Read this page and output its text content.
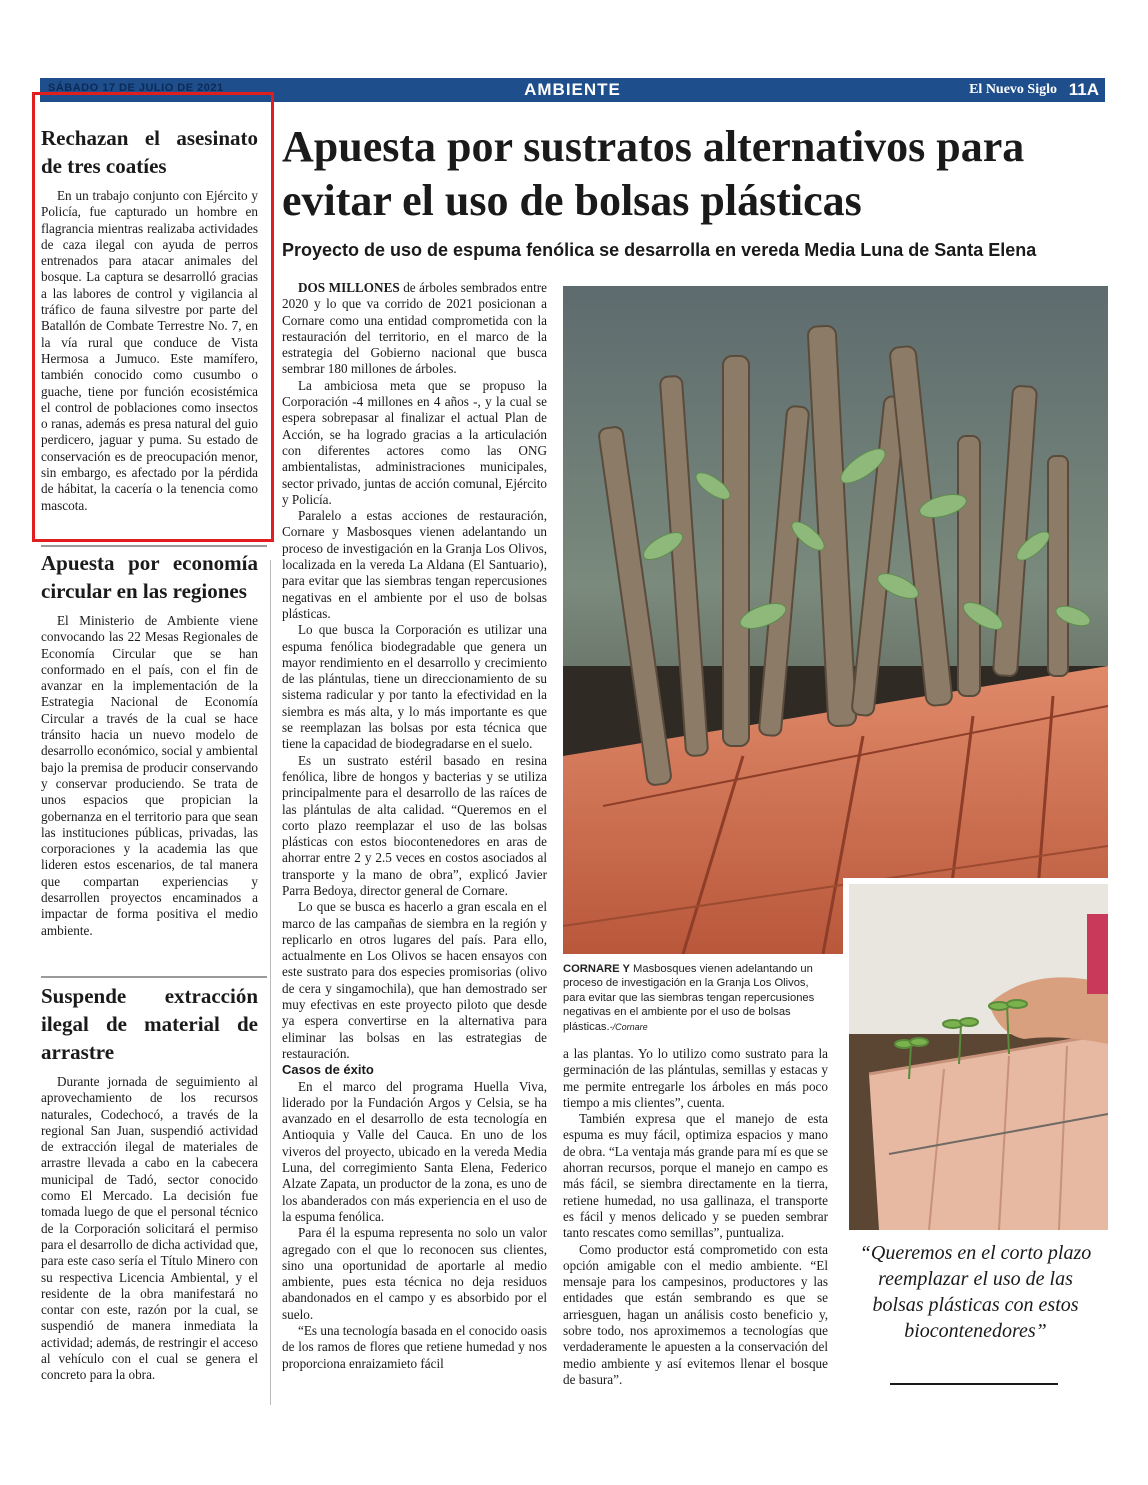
SÁBADO 17 DE JULIO DE 2021	AMBIENTE	El Nuevo Siglo 11A
Rechazan el asesinato de tres coatíes

En un trabajo conjunto con Ejército y Policía, fue capturado un hombre en flagrancia mientras realizaba actividades de caza ilegal con ayuda de perros entrenados para atacar animales del bosque. La captura se desarrolló gracias a las labores de control y vigilancia al tráfico de fauna silvestre por parte del Batallón de Combate Terrestre No. 7, en la vía rural que conduce de Vista Hermosa a Jumuco. Este mamífero, también conocido como cusumbo o guache, tiene por función ecosistémica el control de poblaciones como insectos o ranas, además es presa natural del guio perdicero, jaguar y puma. Su estado de conservación es de preocupación menor, sin embargo, es afectado por la pérdida de hábitat, la cacería o la tenencia como mascota.

Apuesta por economía circular en las regiones

El Ministerio de Ambiente viene convocando las 22 Mesas Regionales de Economía Circular que se han conformado en el país, con el fin de avanzar en la implementación de la Estrategia Nacional de Economía Circular a través de la cual se hace tránsito hacia un nuevo modelo de desarrollo económico, social y ambiental bajo la premisa de producir conservando y conservar produciendo. Se trata de unos espacios que propician la gobernanza en el territorio para que sean las instituciones públicas, privadas, las corporaciones y la academia las que lideren estos escenarios, de tal manera que compartan experiencias y desarrollen proyectos encaminados a impactar de forma positiva el medio ambiente.

Suspende extracción ilegal de material de arrastre

Durante jornada de seguimiento al aprovechamiento de los recursos naturales, Codechocó, a través de la regional San Juan, suspendió actividad de extracción ilegal de materiales de arrastre llevada a cabo en la cabecera municipal de Tadó, sector conocido como El Mercado. La decisión fue tomada luego de que el personal técnico de la Corporación solicitará el permiso para el desarrollo de dicha actividad que, para este caso sería el Título Minero con su respectiva Licencia Ambiental, y el residente de la obra manifestará no contar con este, razón por la cual, se suspendió de manera inmediata la actividad; además, de restringir el acceso al vehículo con el cual se genera el concreto para la obra.

Apuesta por sustratos alternativos para evitar el uso de bolsas plásticas
Proyecto de uso de espuma fenólica se desarrolla en vereda Media Luna de Santa Elena

DOS MILLONES de árboles sembrados entre 2020 y lo que va corrido de 2021 posicionan a Cornare como una entidad comprometida con la restauración del territorio, en el marco de la estrategia del Gobierno nacional que busca sembrar 180 millones de árboles.

La ambiciosa meta que se propuso la Corporación -4 millones en 4 años -, y la cual se espera sobrepasar al finalizar el actual Plan de Acción, se ha logrado gracias a la articulación con diferentes actores como las ONG ambientalistas, administraciones municipales, sector privado, juntas de acción comunal, Ejército y Policía.

Paralelo a estas acciones de restauración, Cornare y Masbosques vienen adelantando un proceso de investigación en la Granja Los Olivos, localizada en la vereda La Aldana (El Santuario), para evitar que las siembras tengan repercusiones negativas en el ambiente por el uso de bolsas plásticas.

Lo que busca la Corporación es utilizar una espuma fenólica biodegradable que genera un mayor rendimiento en el desarrollo y crecimiento de las plántulas, tiene un direccionamiento de su sistema radicular y por tanto la efectividad en la siembra es más alta, y lo más importante es que se reemplazan las bolsas por esta técnica que tiene la capacidad de biodegradarse en el suelo.

Es un sustrato estéril basado en resina fenólica, libre de hongos y bacterias y se utiliza principalmente para el desarrollo de las raíces de las plántulas de alta calidad. “Queremos en el corto plazo reemplazar el uso de las bolsas plásticas con estos biocontenedores en aras de ahorrar entre 2 y 2.5 veces en costos asociados al transporte y la mano de obra”, explicó Javier Parra Bedoya, director general de Cornare.

Lo que se busca es hacerlo a gran escala en el marco de las campañas de siembra en la región y replicarlo en otros lugares del país. Para ello, actualmente en Los Olivos se hacen ensayos con este sustrato para dos especies promisorias (olivo de cera y singamochila), que han demostrado ser muy efectivas en este proyecto piloto que desde ya espera convertirse en la alternativa para eliminar las bolsas en las estrategias de restauración.

Casos de éxito

En el marco del programa Huella Viva, liderado por la Fundación Argos y Celsia, se ha avanzado en el desarrollo de esta tecnología en Antioquia y Valle del Cauca. En uno de los viveros del proyecto, ubicado en la vereda Media Luna, del corregimiento Santa Elena, Federico Alzate Zapata, un productor de la zona, es uno de los abanderados con más experiencia en el uso de la espuma fenólica.

Para él la espuma representa no solo un valor agregado con el que lo reconocen sus clientes, sino una oportunidad de aportarle al medio ambiente, pues esta técnica no deja residuos abandonados en el campo y es absorbido por el suelo.

“Es una tecnología basada en el conocido oasis de los ramos de flores que retiene humedad y nos proporciona enraizamieto fácil

CORNARE Y Masbosques vienen adelantando un proceso de investigación en la Granja Los Olivos, para evitar que las siembras tengan repercusiones negativas en el ambiente por el uso de bolsas plásticas.-/Cornare

a las plantas. Yo lo utilizo como sustrato para la germinación de las plántulas, semillas y estacas y me permite entregarle los árboles en más poco tiempo a mis clientes”, cuenta.

También expresa que el manejo de esta espuma es muy fácil, optimiza espacios y mano de obra. “La ventaja más grande para mí es que se ahorran recursos, porque el manejo en campo es más fácil, se siembra directamente en la tierra, retiene humedad, no usa gallinaza, el transporte es fácil y menos delicado y se pueden sembrar tanto rescates como semillas”, puntualiza.

Como productor está comprometido con esta opción amigable con el medio ambiente. “El mensaje para los campesinos, productores y las entidades que están sembrando es que se arriesguen, hagan un análisis costo beneficio y, sobre todo, nos aproximemos a tecnologías que verdaderamente le apuesten a la conservación del medio ambiente y así evitemos llenar el bosque de basura”.

“Queremos en el corto plazo reemplazar el uso de las bolsas plásticas con estos biocontenedores”
